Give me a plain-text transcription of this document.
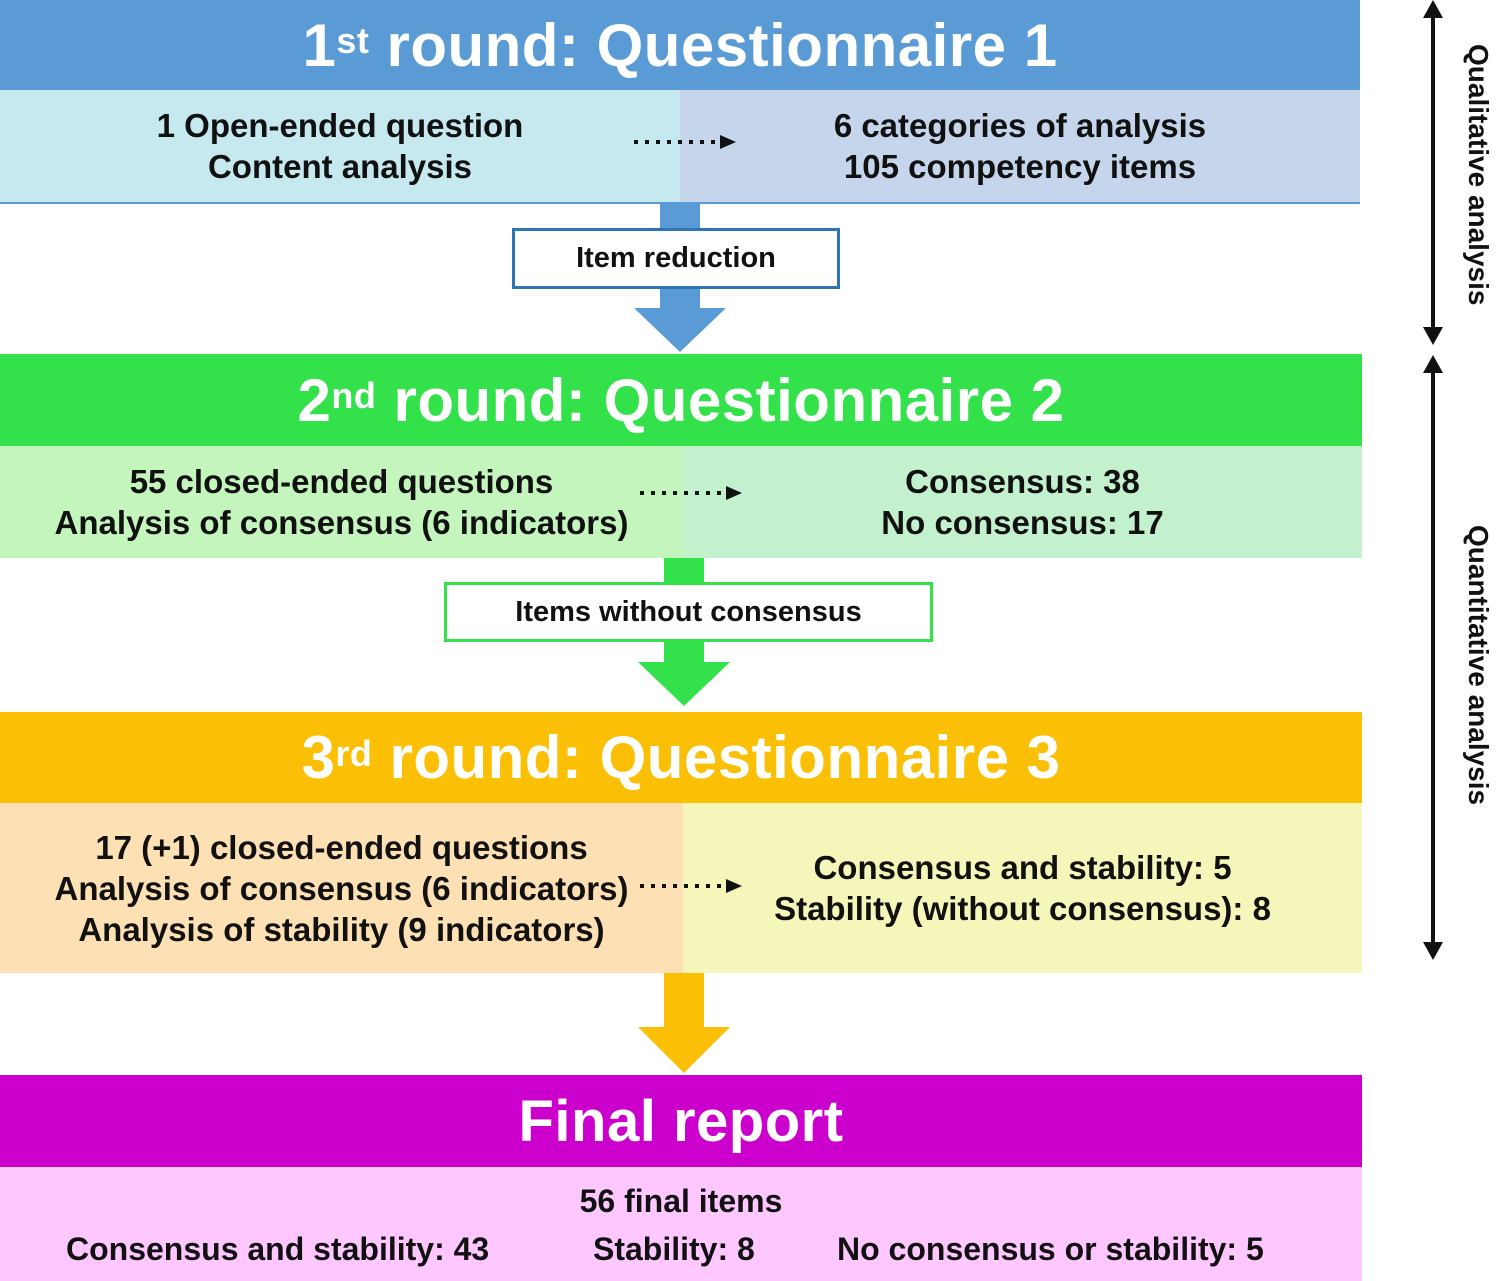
1st round: Questionnaire 1
1 Open-ended question
Content analysis
6 categories of analysis
105 competency items
Item reduction
2nd round: Questionnaire 2
55 closed-ended questions
Analysis of consensus (6 indicators)
Consensus: 38
No consensus: 17
Items without consensus
3rd round: Questionnaire 3
17 (+1) closed-ended questions
Analysis of consensus (6 indicators)
Analysis of stability (9 indicators)
Consensus and stability: 5
Stability (without consensus): 8
Final report
56 final items
Consensus and stability: 43	Stability: 8	No consensus or stability: 5
Qualitative analysis
Quantitative analysis
